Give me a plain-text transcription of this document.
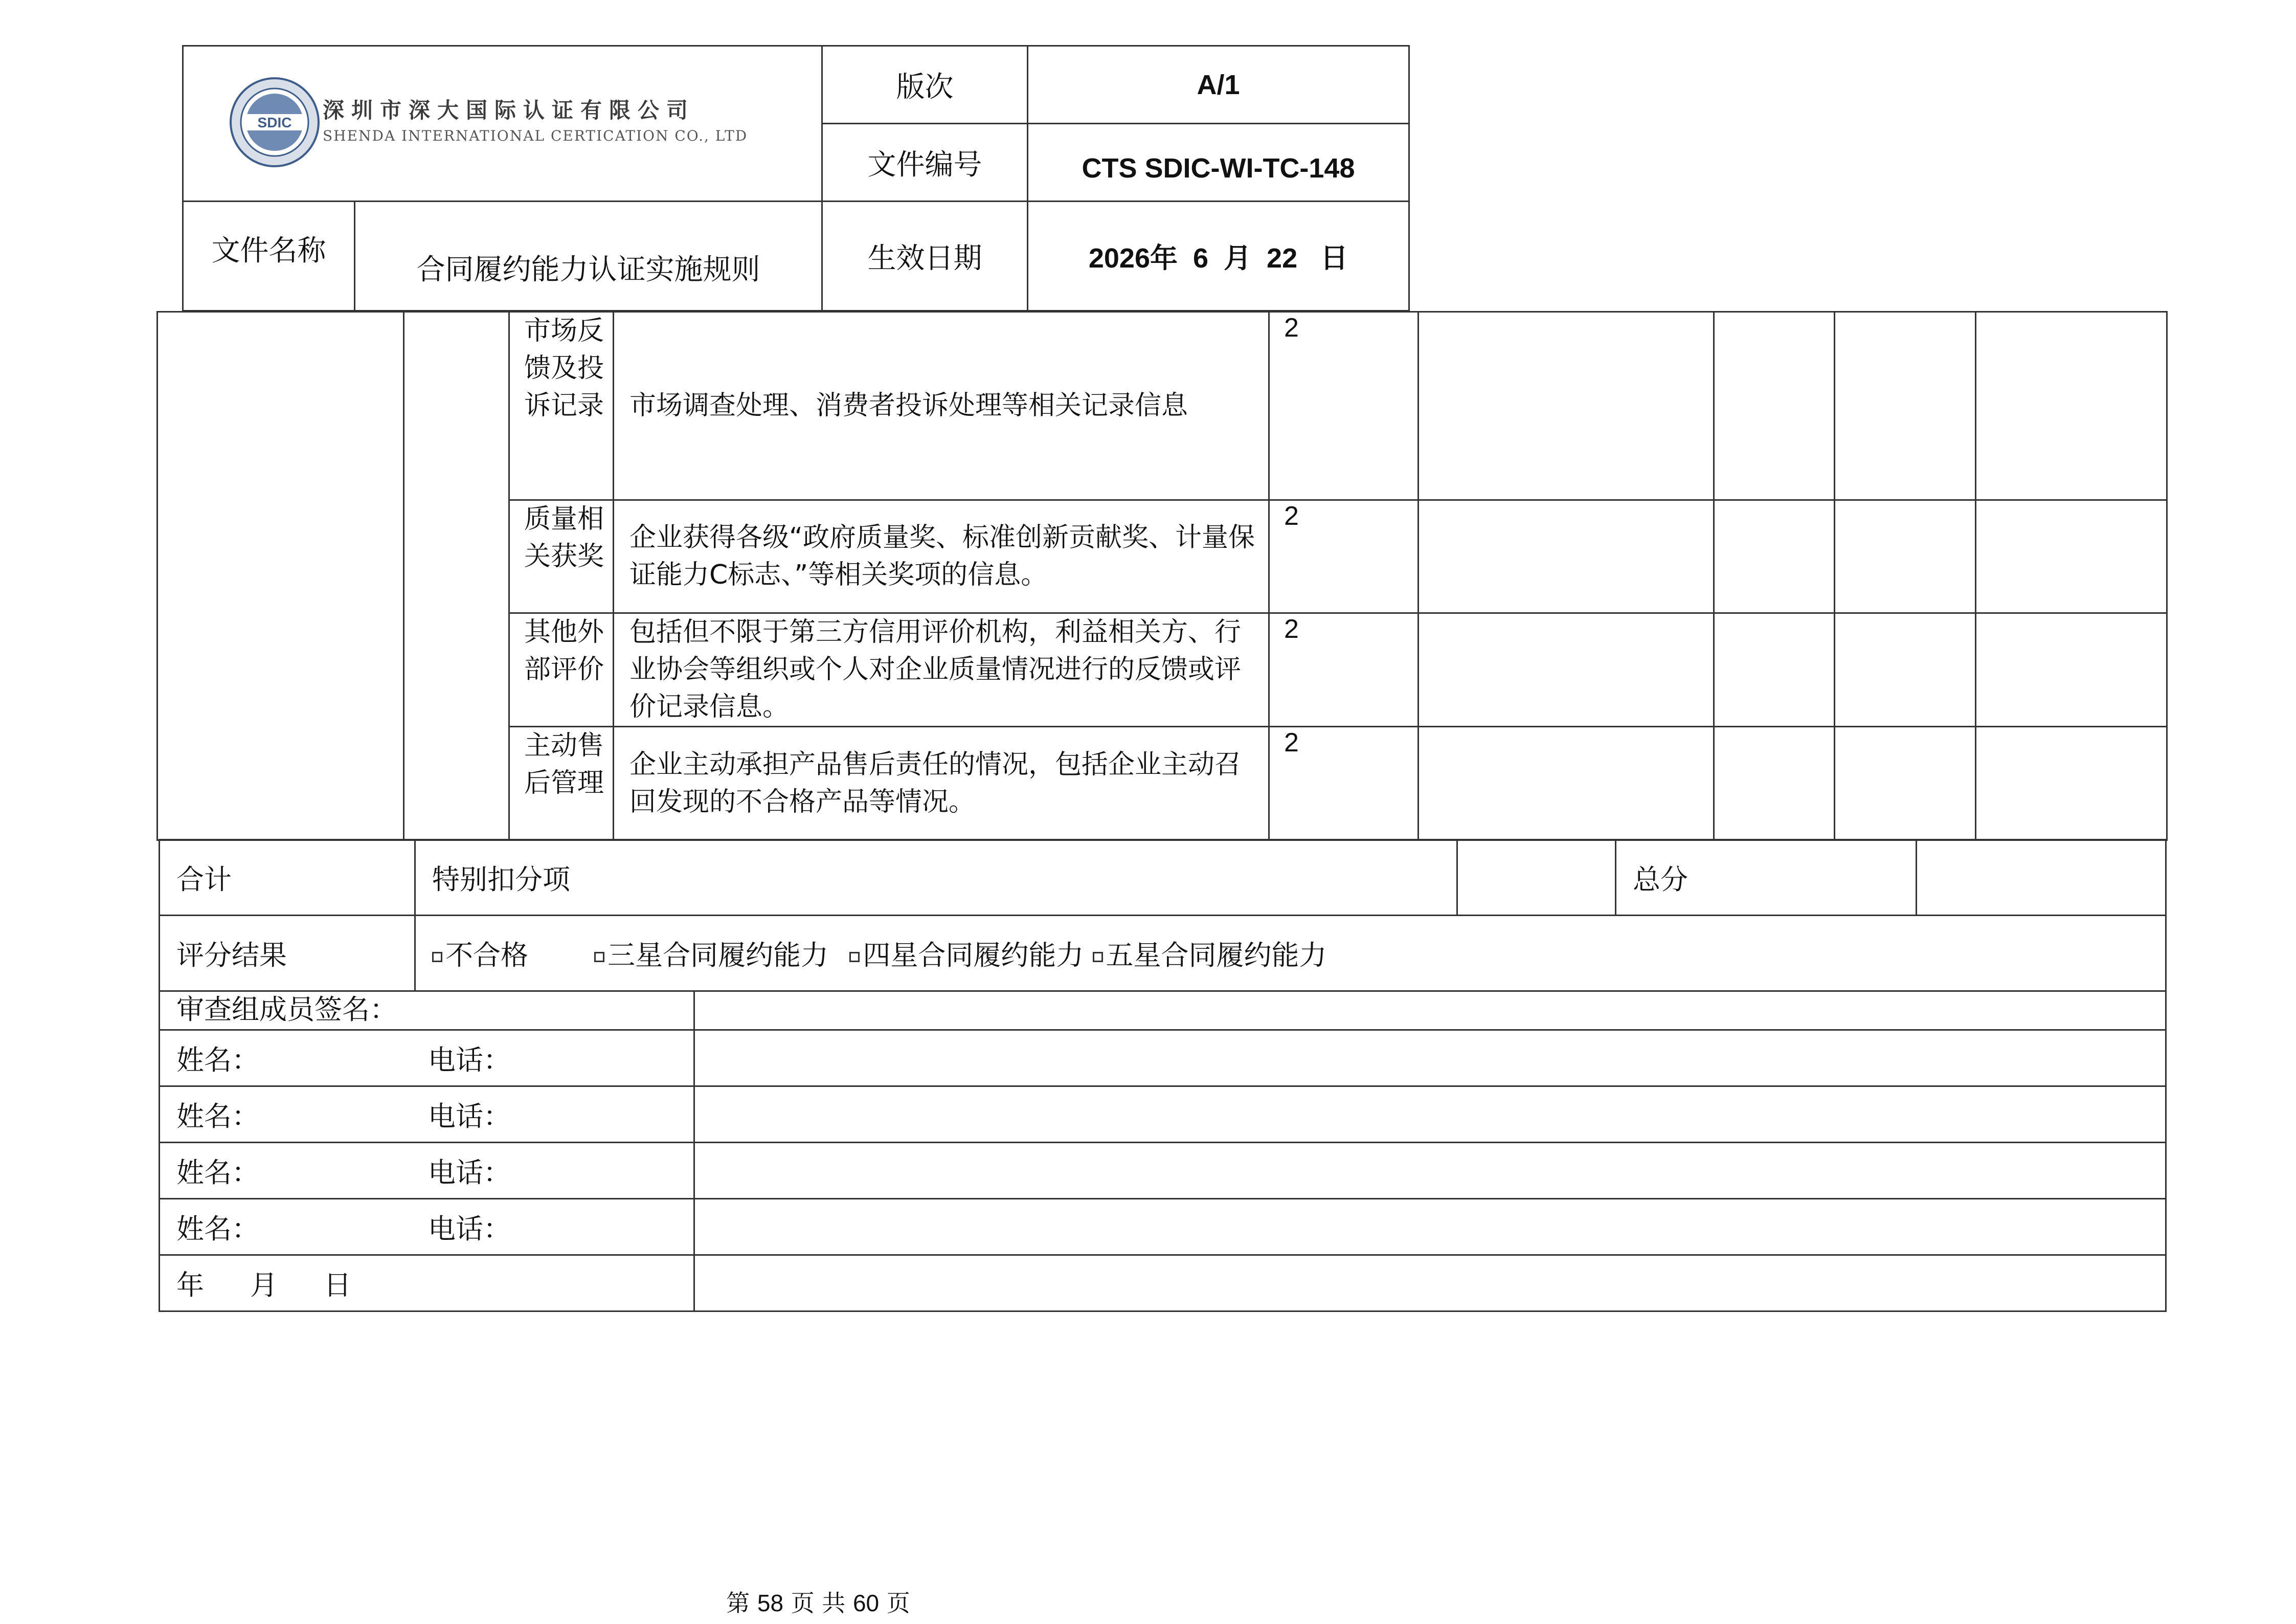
SDIC 深圳市深大国际认证有限公司
SHENDA INTERNATIONAL CERTICATION CO., LTD		版次	A/1
		文件编号	CTS SDIC-WI-TC-148
文件名称	合同履约能力认证实施规则	生效日期	2026年  6  月  22   日
		市场反馈及投诉记录	市场调查处理、消费者投诉处理等相关记录信息	2				
		质量相关获奖	企业获得各级“政府质量奖、标准创新贡献奖、计量保证能力C标志、”等相关奖项的信息。	2				
		其他外部评价	包括但不限于第三方信用评价机构，利益相关方、行业协会等组织或个人对企业质量情况进行的反馈或评价记录信息。	2				
		主动售后管理	企业主动承担产品售后责任的情况，包括企业主动召回发现的不合格产品等情况。	2				
合计	特别扣分项			总分	
评分结果	不合格 三星合同履约能力 四星合同履约能力 五星合同履约能力				
审查组成员签名：					
姓名： 电话：					
姓名： 电话：					
姓名： 电话：					
姓名： 电话：					
年 月 日					
第 58 页 共 60 页
